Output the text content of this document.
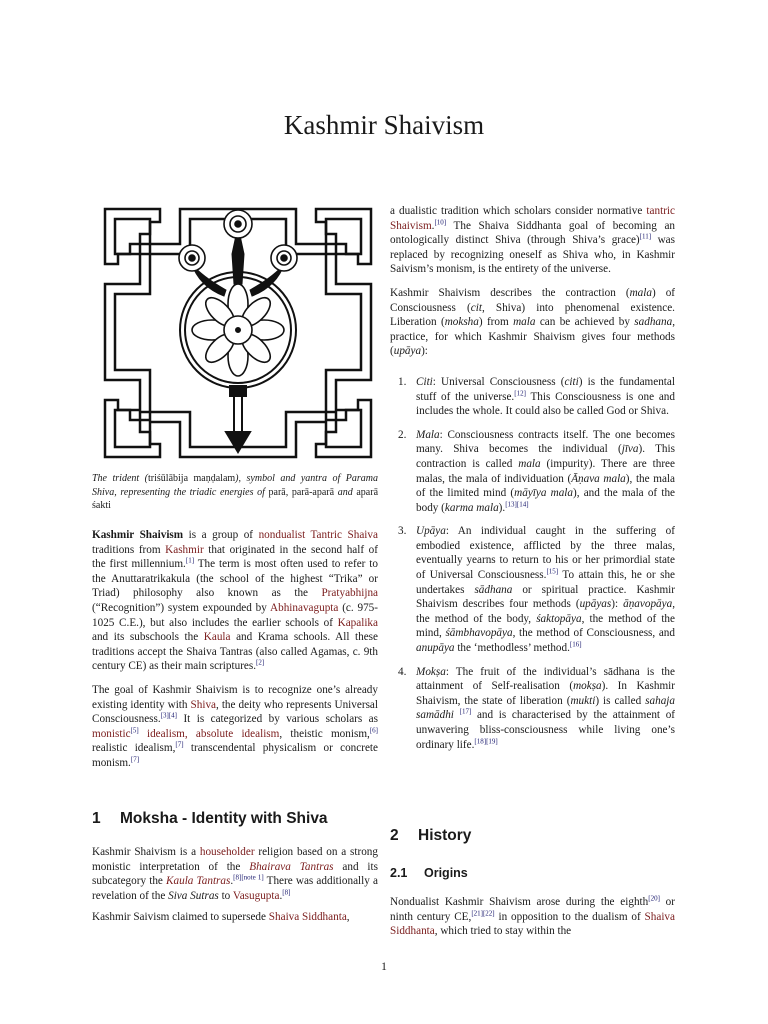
Kashmir Shaivism
The trident (triśūlābija maṇḍalam), symbol and yantra of Parama Shiva, representing the triadic energies of parā, parā-aparā and aparā śakti

Kashmir Shaivism is a group of nondualist Tantric Shaiva traditions from Kashmir that originated in the second half of the first millennium.[1] The term is most often used to refer to the Anuttaratrikakula (the school of the highest “Trika” or Triad) philosophy also known as the Pratyabhijna (“Recognition”) system expounded by Abhinavagupta (c. 975-1025 C.E.), but also includes the earlier schools of Kapalika and its subschools the Kaula and Krama schools. All these traditions accept the Shaiva Tantras (also called Agamas, c. 9th century CE) as their main scriptures.[2]

The goal of Kashmir Shaivism is to recognize one’s already existing identity with Shiva, the deity who represents Universal Consciousness.[3][4] It is categorized by various scholars as monistic[5] idealism, absolute idealism, theistic monism,[6] realistic idealism,[7] transcendental physicalism or concrete monism.[7]

1 Moksha - Identity with Shiva

Kashmir Shaivism is a householder religion based on a strong monistic interpretation of the Bhairava Tantras and its subcategory the Kaula Tantras.[8][note 1] There was additionally a revelation of the Siva Sutras to Vasugupta.[8]

Kashmir Saivism claimed to supersede Shaiva Siddhanta,

a dualistic tradition which scholars consider normative tantric Shaivism.[10] The Shaiva Siddhanta goal of becoming an ontologically distinct Shiva (through Shiva’s grace)[11] was replaced by recognizing oneself as Shiva who, in Kashmir Saivism’s monism, is the entirety of the universe.

Kashmir Shaivism describes the contraction (mala) of Consciousness (cit, Shiva) into phenomenal existence. Liberation (moksha) from mala can be achieved by sadhana, practice, for which Kashmir Shaivism gives four methods (upāya):

1. Citi: Universal Consciousness (citi) is the fundamental stuff of the universe.[12] This Consciousness is one and includes the whole. It could also be called God or Shiva.
2. Mala: Consciousness contracts itself. The one becomes many. Shiva becomes the individual (jīva). This contraction is called mala (impurity). There are three malas, the mala of individuation (Āṇava mala), the mala of the limited mind (māyīya mala), and the mala of the body (karma mala).[13][14]
3. Upāya: An individual caught in the suffering of embodied existence, afflicted by the three malas, eventually yearns to return to his or her primordial state of Universal Consciousness.[15] To attain this, he or she undertakes sādhana or spiritual practice. Kashmir Shaivism describes four methods (upāyas): āṇavopāya, the method of the body, śaktopāya, the method of the mind, śāmbhavopāya, the method of Consciousness, and anupāya the ‘methodless’ method.[16]
4. Mokṣa: The fruit of the individual’s sādhana is the attainment of Self-realisation (mokṣa). In Kashmir Shaivism, the state of liberation (mukti) is called sahaja samādhi [17] and is characterised by the attainment of unwavering bliss-consciousness while living one’s ordinary life.[18][19]
2 History
2.1 Origins

Nondualist Kashmir Shaivism arose during the eighth[20] or ninth century CE,[21][22] in opposition to the dualism of Shaiva Siddhanta, which tried to stay within the

1
